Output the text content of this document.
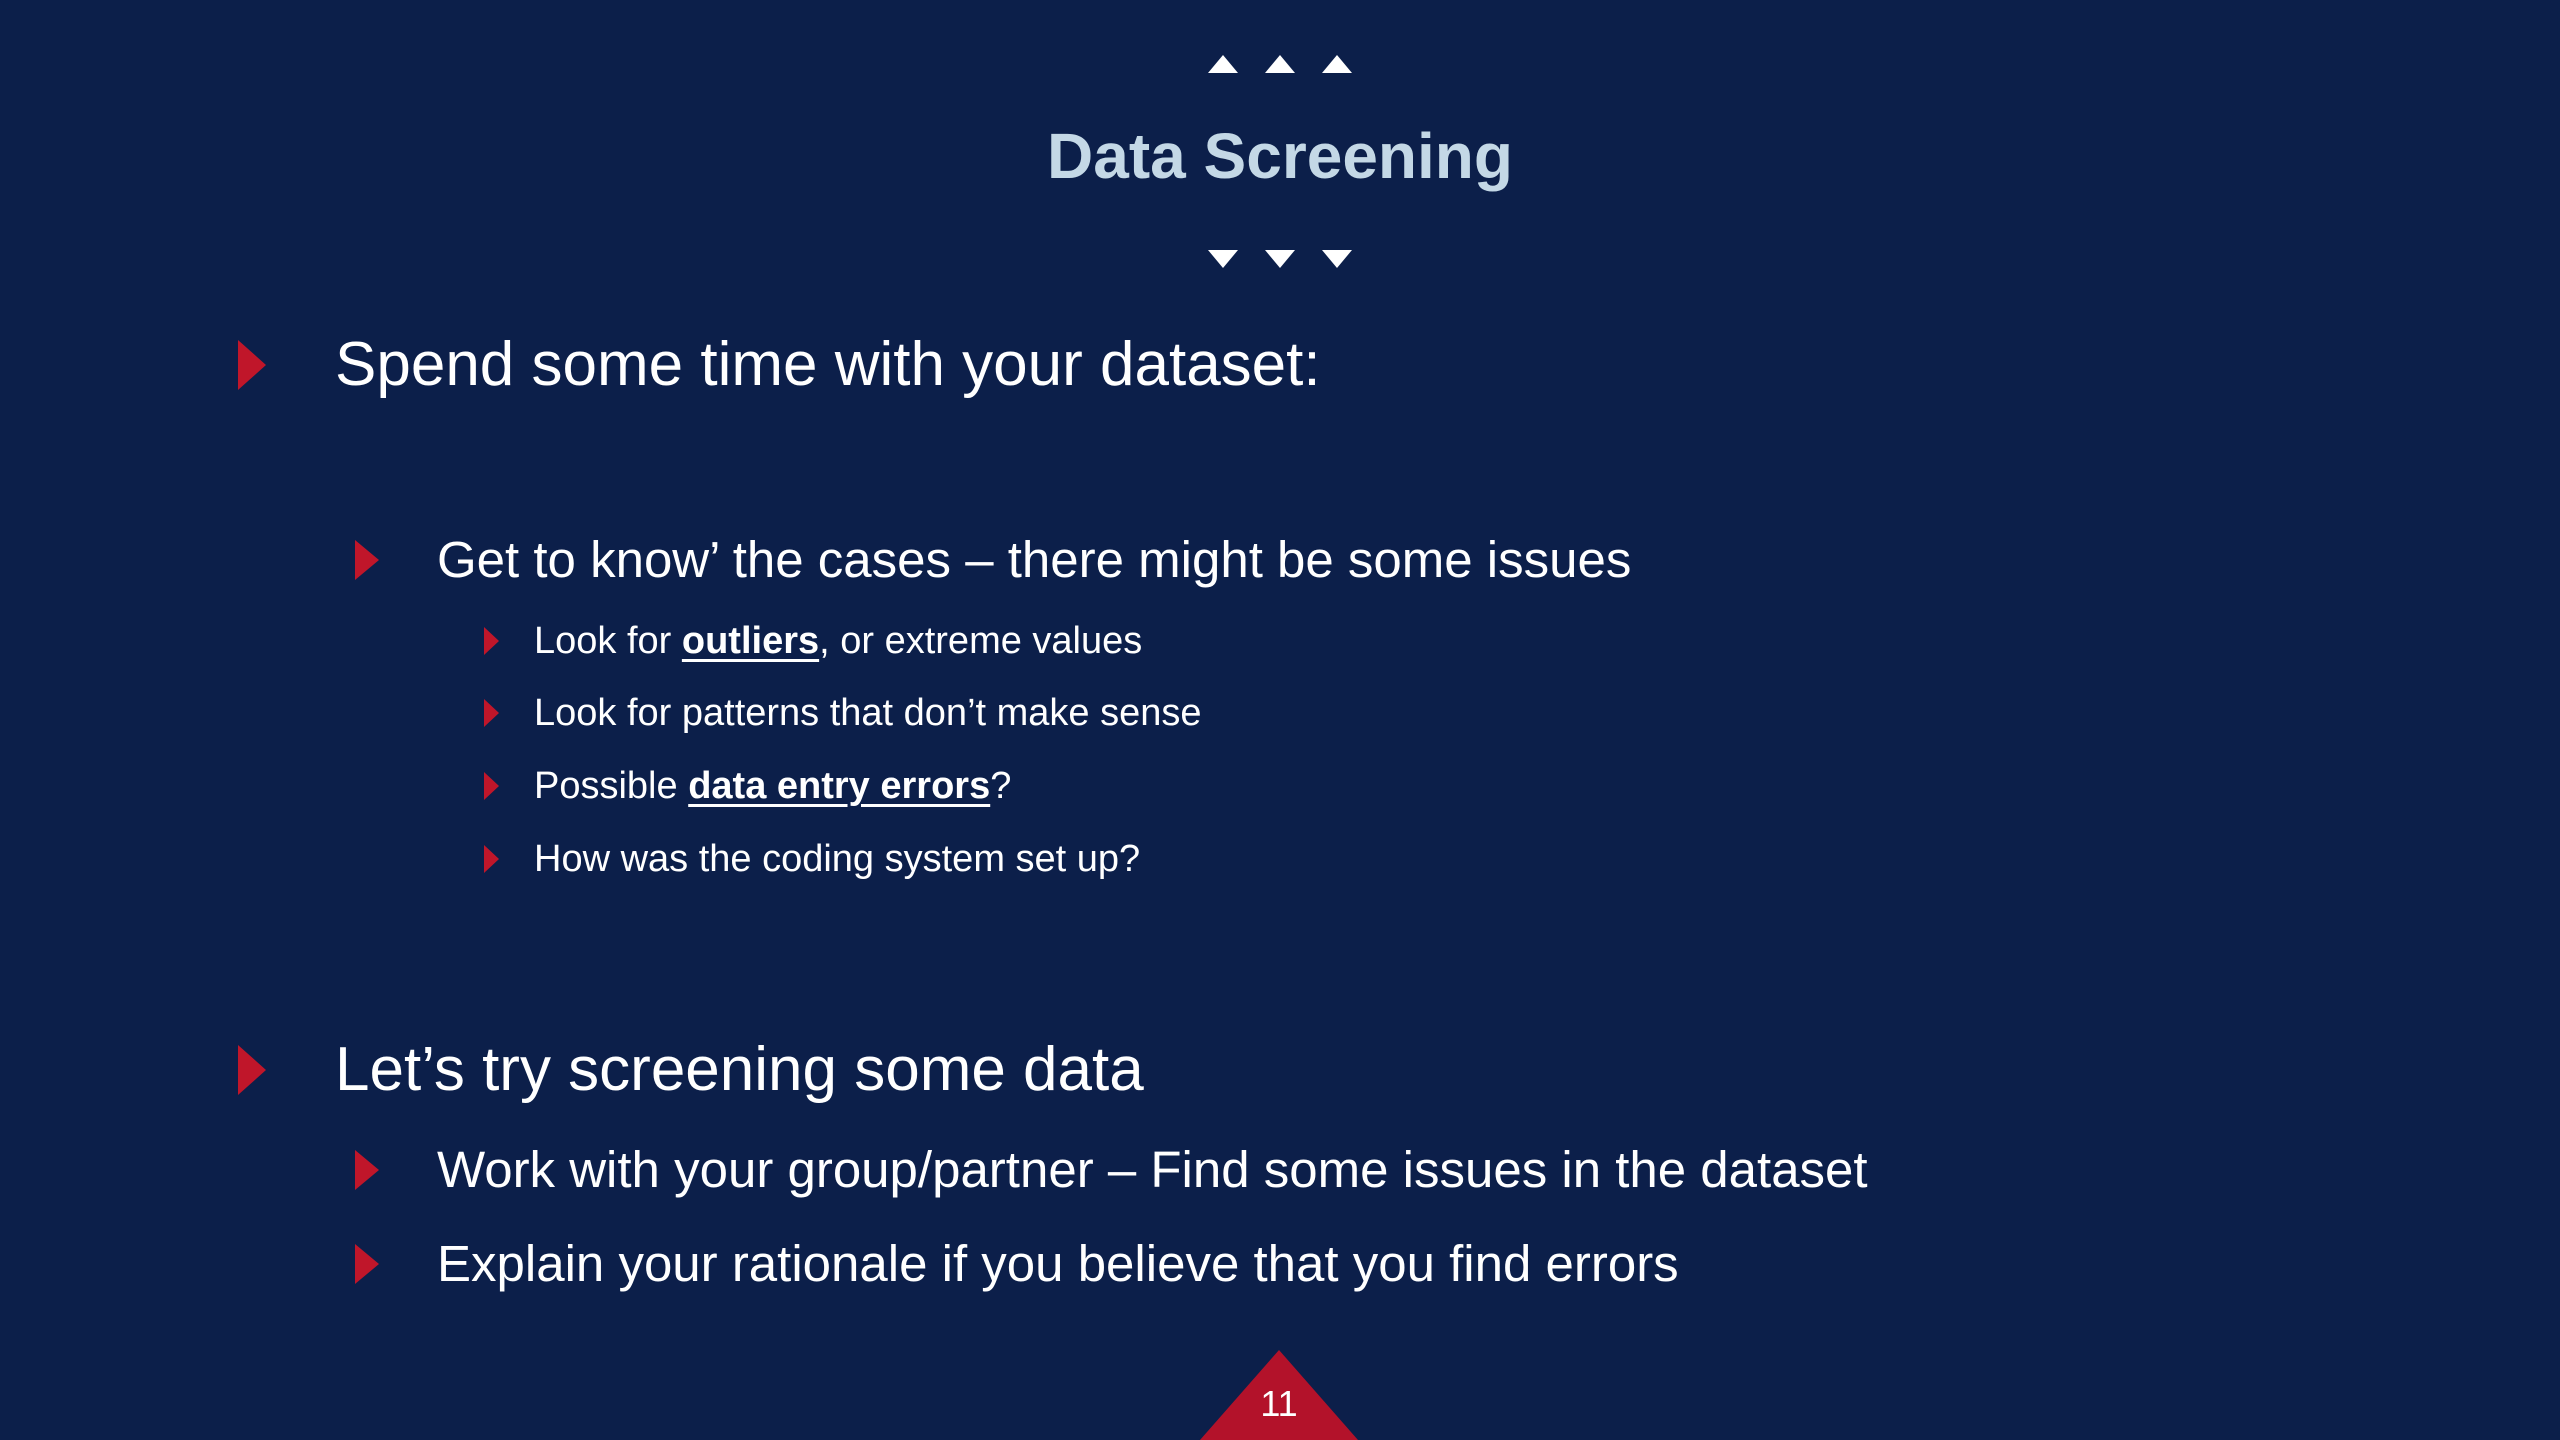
Data Screening
Spend some time with your dataset:
Get to know’ the cases – there might be some issues
Look for outliers, or extreme values
Look for patterns that don’t make sense
Possible data entry errors?
How was the coding system set up?
Let’s try screening some data
Work with your group/partner – Find some issues in the dataset
Explain your rationale if you believe that you find errors
11
